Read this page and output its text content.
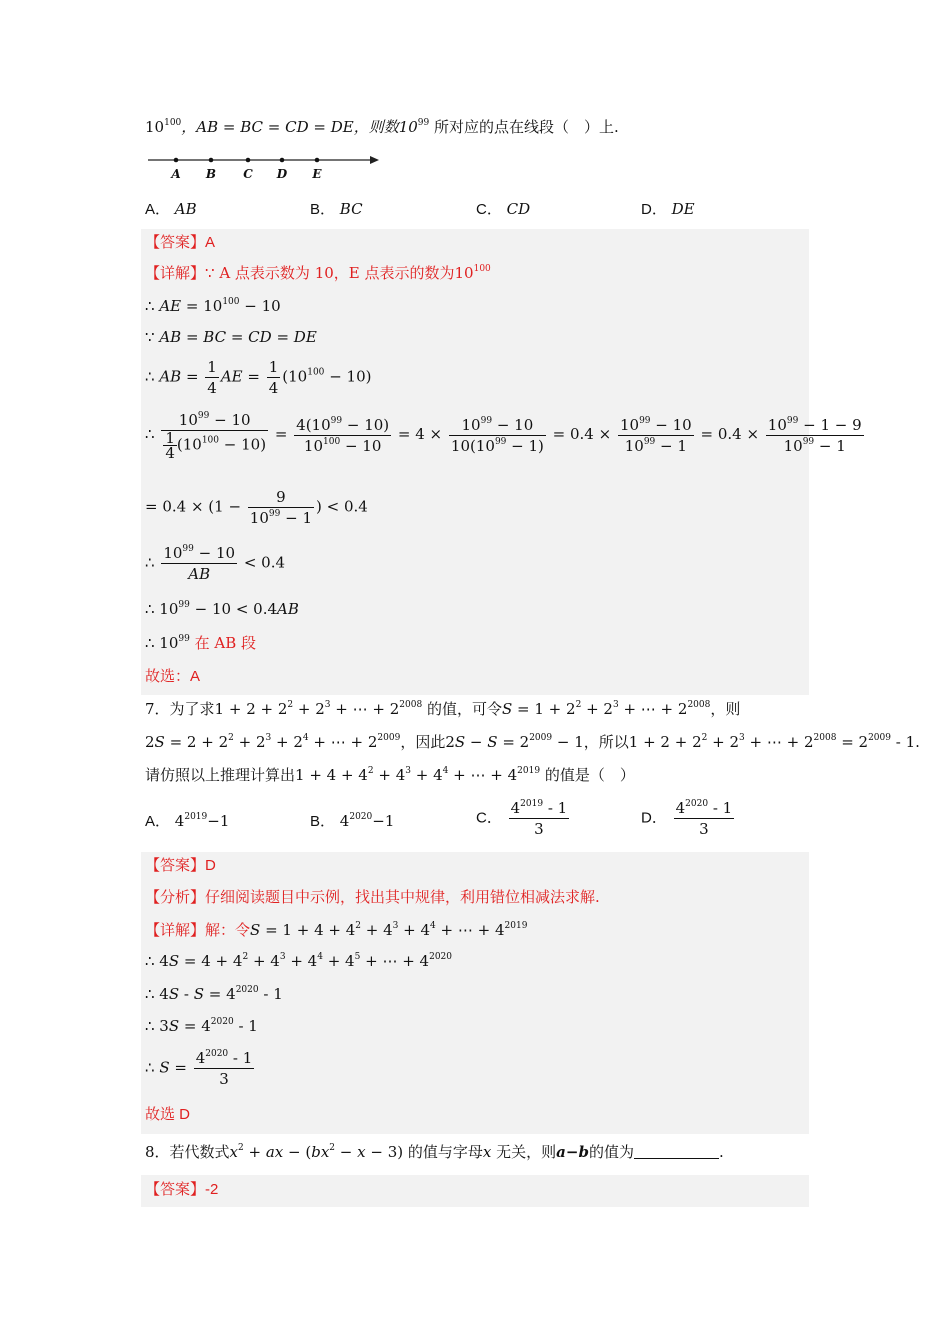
$10^{100}$，AB = BC = CD = DE，则数$10^{99}$ 所对应的点在线段（　）上.
A B C D E
A． AB	B． BC	C． CD	D． DE
【答案】A
【详解】∵ A 点表示数为 10，E 点表示的数为$10^{100}$
∴ AE = $10^{100} - 10$
∵ AB = BC = CD = DE
∴ AB = $\frac{1}{4}$ AE = $\frac{1}{4} (10^{100} - 10)$
∴ $\frac{10^{99} - 10}{\frac{1}{4} (10^{100} - 10)} = \frac{4(10^{99} - 10)}{10^{100} - 10} = 4 \times \frac{10^{99} - 10}{10(10^{99} - 1)} = 0.4 \times \frac{10^{99} - 10}{10^{99} - 1} = 0.4 \times \frac{10^{99} - 1 - 9}{10^{99} - 1}$
= $0.4 \times (1 - \frac{9}{10^{99} - 1}$ ) < 0.4
∴ $\frac{10^{99} - 10}{AB} < 0.4$
∴ $10^{99} - 10 < 0.4AB$
∴ $10^{99}$ 在 AB 段
故选：A
7．为了求$1 + 2 + 2^2 + 2^3$ + ⋯ + $2^{2008}$ 的值，可令$S = 1 + 2^2 + 2^3$ + ⋯ + $2^{2008}$，则
$2S = 2 + 2^2 + 2^3 + 2^4$ + ⋯ + $2^{2009}$，因此$2S - S = 2^{2009} - 1$，所以$1 + 2 + 2^2 + 2^3$ + ⋯ + $2^{2008} = 2^{2009} - 1$.
请仿照以上推理计算出$1 + 4 + 4^2 + 4^3 + 4^4$ + ⋯ + $4^{2019}$ 的值是（　）
A． $4^{2019}-1$	B． $4^{2020}-1$	C． $\frac{4^{2019} - 1}{3}$	D． $\frac{4^{2020} - 1}{3}$
【答案】D
【分析】仔细阅读题目中示例，找出其中规律，利用错位相减法求解.
【详解】解：令$S = 1 + 4 + 4^2 + 4^3 + 4^4$ + ⋯ + $4^{2019}$
∴ $4S = 4 + 4^2 + 4^3 + 4^4 + 4^5$ + ⋯ + $4^{2020}$
∴ $4S - S = 4^{2020} - 1$
∴ $3S = 4^{2020} - 1$
∴ $S = \frac{4^{2020} - 1}{3}$
故选 D
8．若代数式$x^2$ + ax − $(bx^2 - x - 3)$ 的值与字母x 无关，则a−b的值为	.
【答案】-2
